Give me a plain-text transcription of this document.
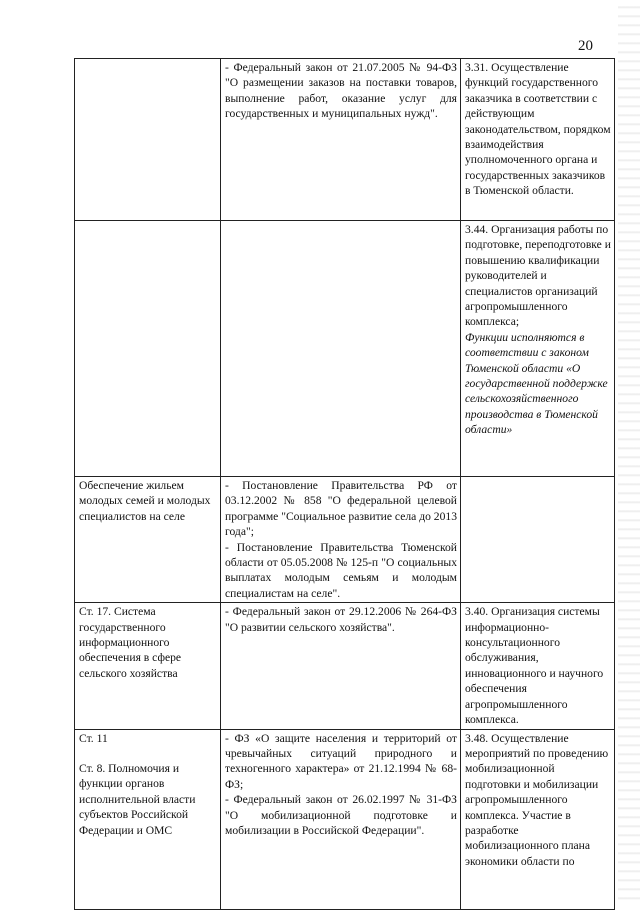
20

	- Федеральный закон от 21.07.2005 № 94-ФЗ "О размещении заказов на поставки товаров, выполнение работ, оказание услуг для государственных и муниципальных нужд".	3.31. Осуществление функций государственного заказчика в соответствии с действующим законодательством, порядком взаимодействия уполномоченного органа и государственных заказчиков в Тюменской области.

		3.44. Организация работы по подготовке, переподготовке и повышению квалификации руководителей и специалистов организаций агропромышленного комплекса;
Функции исполняются в соответствии с законом Тюменской области «О государственной поддержке сельскохозяйственного производства в Тюменской области»

Обеспечение жильем молодых семей и молодых специалистов на селе	- Постановление Правительства РФ от 03.12.2002 № 858 "О федеральной целевой программе "Социальное развитие села до 2013 года";
- Постановление Правительства Тюменской области от 05.05.2008 № 125-п "О социальных выплатах молодым семьям и молодым специалистам на селе".	

Ст. 17. Система государственного информационного обеспечения в сфере сельского хозяйства	- Федеральный закон от 29.12.2006 № 264-ФЗ "О развитии сельского хозяйства".	3.40. Организация системы информационно-консультационного обслуживания, инновационного и научного обеспечения агропромышленного комплекса.

Ст. 11
Ст. 8. Полномочия и функции органов исполнительной власти субъектов Российской Федерации и ОМС	- ФЗ «О защите населения и территорий от чревычайных ситуаций природного и техногенного характера» от 21.12.1994 № 68-ФЗ;
- Федеральный закон от 26.02.1997 № 31-ФЗ "О мобилизационной подготовке и мобилизации в Российской Федерации".	3.48. Осуществление мероприятий по проведению мобилизационной подготовки и мобилизации агропромышленного комплекса. Участие в разработке мобилизационного плана экономики области по
